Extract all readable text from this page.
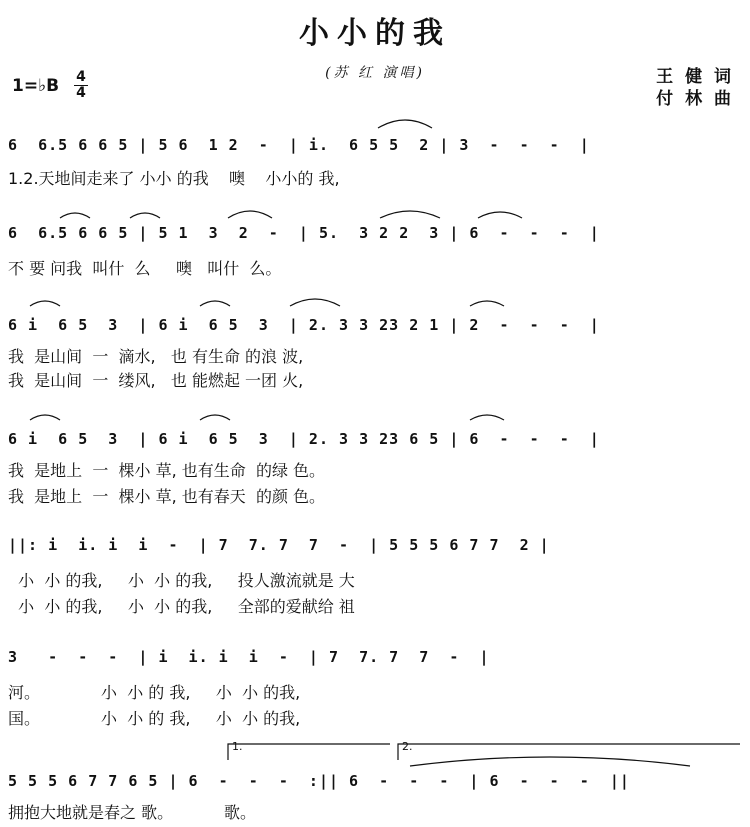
小小的我
(苏 红 演唱)
1=♭B 4
4
王 健 词
付 林 曲
6  6.5 6 6 5 | 5 6  1 2  -  | i.  6 5 5  2 | 3  -  -  -  |
1.2.天地间走来了 小小 的我    噢    小小的 我,
6  6.5 6 6 5 | 5 1  3  2  -  | 5.  3 2 2  3 | 6  -  -  -  |
不 要 问我  叫什  么     噢   叫什  么。
6 i  6 5  3  | 6 i  6 5  3  | 2. 3 3 23 2 1 | 2  -  -  -  |
我  是山间  一  滴水,   也 有生命 的浪 波,
我  是山间  一  缕风,   也 能燃起 一团 火,
6 i  6 5  3  | 6 i  6 5  3  | 2. 3 3 23 6 5 | 6  -  -  -  |
我  是地上  一  棵小 草, 也有生命  的绿 色。
我  是地上  一  棵小 草, 也有春天  的颜 色。
||: i  i. i  i  -  | 7  7. 7  7  -  | 5 5 5 6 7 7  2 |
小  小 的我,     小  小 的我,     投人激流就是 大
小  小 的我,     小  小 的我,     全部的爱献给 祖
3   -  -  -  | i  i. i  i  -  | 7  7. 7  7  -  |
河。            小  小 的 我,     小  小 的我,
国。            小  小 的 我,     小  小 的我,
1.	2.
5 5 5 6 7 7 6 5 | 6  -  -  -  :|| 6  -  -  -  | 6  -  -  -  ||
拥抱大地就是春之 歌。          歌。
